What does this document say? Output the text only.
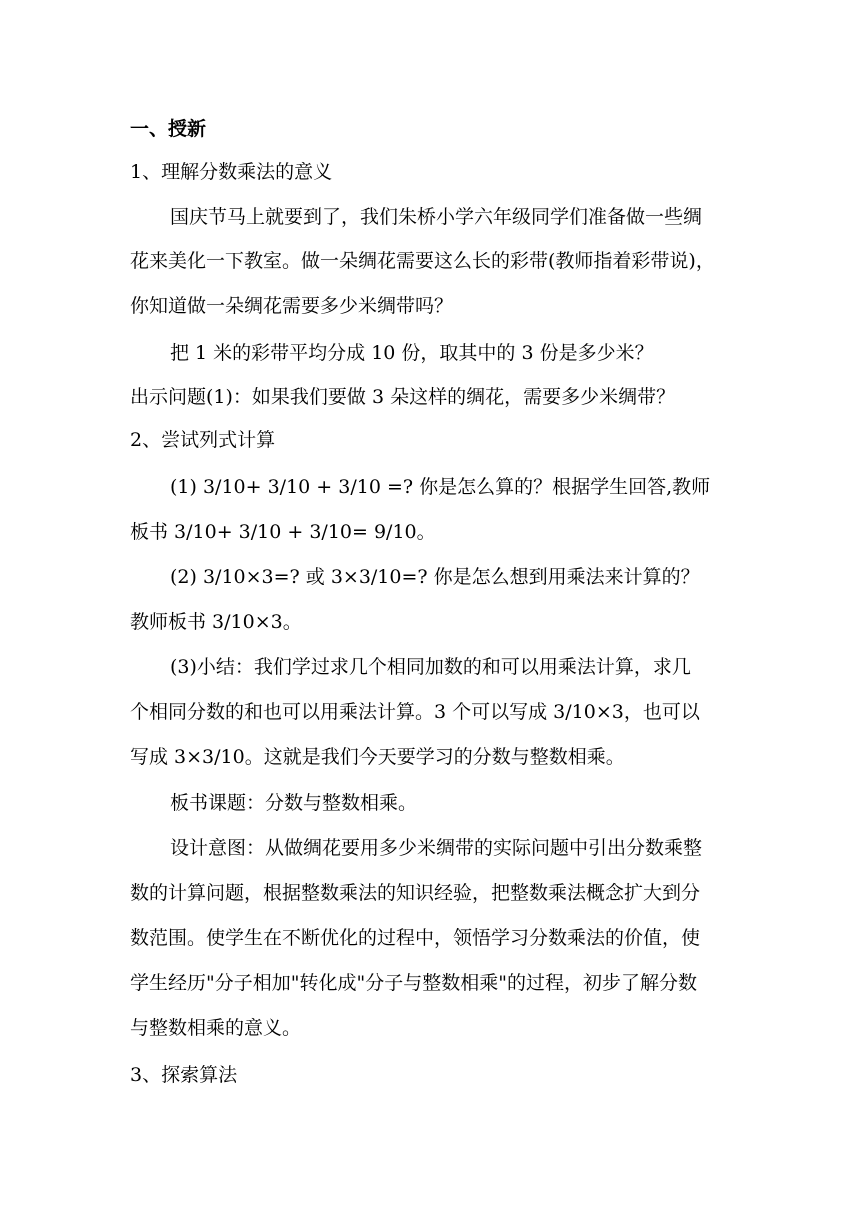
一、授新
1、理解分数乘法的意义
国庆节马上就要到了，我们朱桥小学六年级同学们准备做一些绸
花来美化一下教室。做一朵绸花需要这么长的彩带(教师指着彩带说)，
你知道做一朵绸花需要多少米绸带吗？
把 1 米的彩带平均分成 10 份，取其中的 3 份是多少米？
出示问题(1)：如果我们要做 3 朵这样的绸花，需要多少米绸带？
2、尝试列式计算
(1) 3/10+ 3/10 + 3/10 =? 你是怎么算的？根据学生回答,教师
板书 3/10+ 3/10 + 3/10= 9/10。
(2) 3/10×3=? 或 3×3/10=? 你是怎么想到用乘法来计算的？
教师板书 3/10×3。
(3)小结：我们学过求几个相同加数的和可以用乘法计算，求几
个相同分数的和也可以用乘法计算。3 个可以写成 3/10×3，也可以
写成 3×3/10。这就是我们今天要学习的分数与整数相乘。
板书课题：分数与整数相乘。
设计意图：从做绸花要用多少米绸带的实际问题中引出分数乘整
数的计算问题，根据整数乘法的知识经验，把整数乘法概念扩大到分
数范围。使学生在不断优化的过程中，领悟学习分数乘法的价值，使
学生经历"分子相加"转化成"分子与整数相乘"的过程，初步了解分数
与整数相乘的意义。
3、探索算法
